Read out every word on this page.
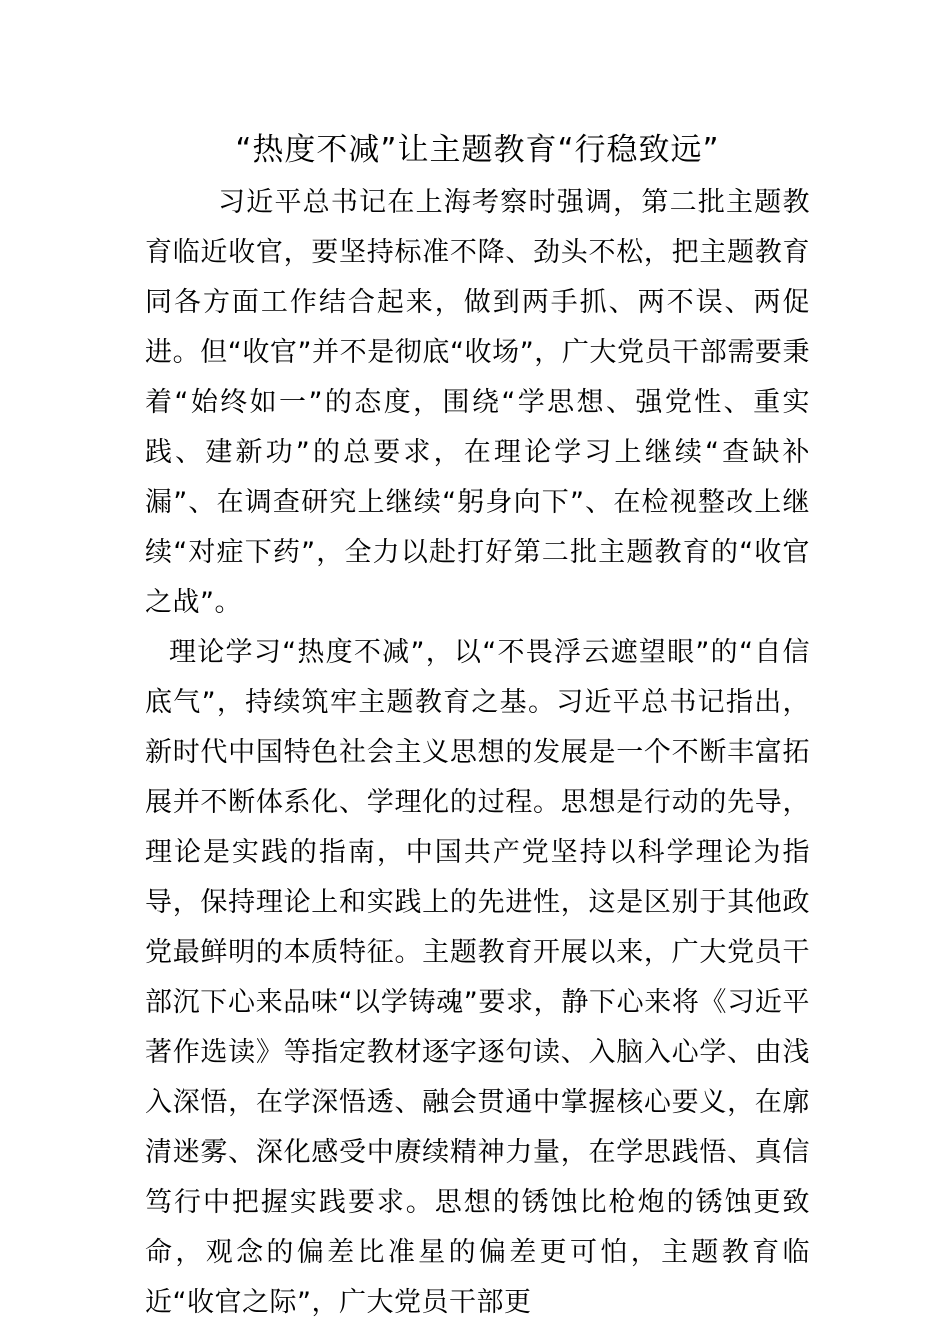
“热度不减”让主题教育“行稳致远”

习近平总书记在上海考察时强调，第二批主题教育临近收官，要坚持标准不降、劲头不松，把主题教育同各方面工作结合起来，做到两手抓、两不误、两促进。但“收官”并不是彻底“收场”，广大党员干部需要秉着“始终如一”的态度，围绕“学思想、强党性、重实践、建新功”的总要求，在理论学习上继续“查缺补漏”、在调查研究上继续“躬身向下”、在检视整改上继续“对症下药”，全力以赴打好第二批主题教育的“收官之战”。

理论学习“热度不减”，以“不畏浮云遮望眼”的“自信底气”，持续筑牢主题教育之基。习近平总书记指出，新时代中国特色社会主义思想的发展是一个不断丰富拓展并不断体系化、学理化的过程。思想是行动的先导，理论是实践的指南，中国共产党坚持以科学理论为指导，保持理论上和实践上的先进性，这是区别于其他政党最鲜明的本质特征。主题教育开展以来，广大党员干部沉下心来品味“以学铸魂”要求，静下心来将《习近平著作选读》等指定教材逐字逐句读、入脑入心学、由浅入深悟，在学深悟透、融会贯通中掌握核心要义，在廓清迷雾、深化感受中赓续精神力量，在学思践悟、真信笃行中把握实践要求。思想的锈蚀比枪炮的锈蚀更致命，观念的偏差比准星的偏差更可怕，主题教育临近“收官之际”，广大党员干部更
